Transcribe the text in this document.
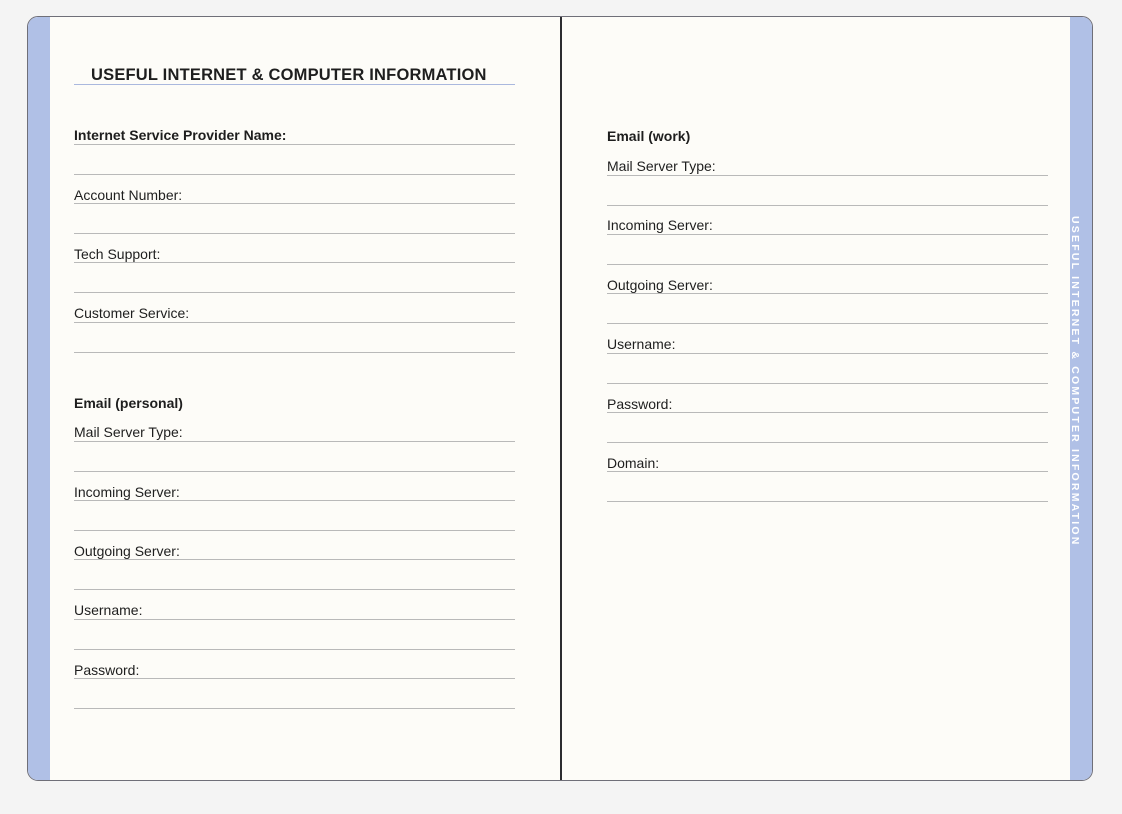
USEFUL INTERNET & COMPUTER INFORMATION
Internet Service Provider Name:
Account Number:
Tech Support:
Customer Service:
Email (personal)
Mail Server Type:
Incoming Server:
Outgoing Server:
Username:
Password:
Email (work)
Mail Server Type:
Incoming Server:
Outgoing Server:
Username:
Password:
Domain:	USEFUL INTERNET & COMPUTER INFORMATION
